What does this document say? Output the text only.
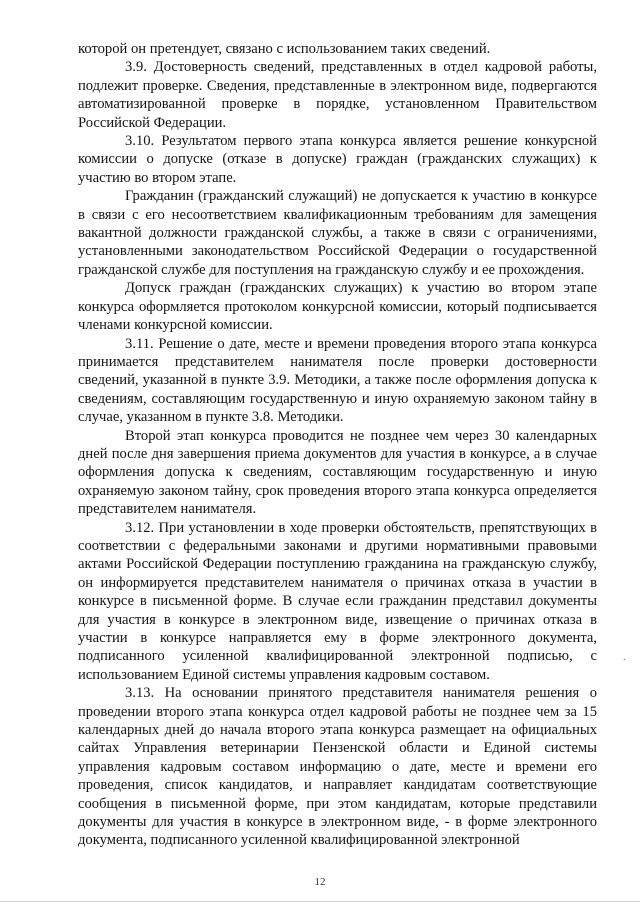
которой он претендует, связано с использованием таких сведений.

3.9. Достоверность сведений, представленных в отдел кадровой работы, подлежит проверке. Сведения, представленные в электронном виде, подвергаются автоматизированной проверке в порядке, установленном Правительством Российской Федерации.

3.10. Результатом первого этапа конкурса является решение конкурсной комиссии о допуске (отказе в допуске) граждан (гражданских служащих) к участию во втором этапе.

Гражданин (гражданский служащий) не допускается к участию в конкурсе в связи с его несоответствием квалификационным требованиям для замещения вакантной должности гражданской службы, а также в связи с ограничениями, установленными законодательством Российской Федерации о государственной гражданской службе для поступления на гражданскую службу и ее прохождения.

Допуск граждан (гражданских служащих) к участию во втором этапе конкурса оформляется протоколом конкурсной комиссии, который подписывается членами конкурсной комиссии.

3.11. Решение о дате, месте и времени проведения второго этапа конкурса принимается представителем нанимателя после проверки достоверности сведений, указанной в пункте 3.9. Методики, а также после оформления допуска к сведениям, составляющим государственную и иную охраняемую законом тайну в случае, указанном в пункте 3.8. Методики.

Второй этап конкурса проводится не позднее чем через 30 календарных дней после дня завершения приема документов для участия в конкурсе, а в случае оформления допуска к сведениям, составляющим государственную и иную охраняемую законом тайну, срок проведения второго этапа конкурса определяется представителем нанимателя.

3.12. При установлении в ходе проверки обстоятельств, препятствующих в соответствии с федеральными законами и другими нормативными правовыми актами Российской Федерации поступлению гражданина на гражданскую службу, он информируется представителем нанимателя о причинах отказа в участии в конкурсе в письменной форме. В случае если гражданин представил документы для участия в конкурсе в электронном виде, извещение о причинах отказа в участии в конкурсе направляется ему в форме электронного документа, подписанного усиленной квалифицированной электронной подписью, с использованием Единой системы управления кадровым составом.

3.13. На основании принятого представителя нанимателя решения о проведении второго этапа конкурса отдел кадровой работы не позднее чем за 15 календарных дней до начала второго этапа конкурса размещает на официальных сайтах Управления ветеринарии Пензенской области и Единой системы управления кадровым составом информацию о дате, месте и времени его проведения, список кандидатов, и направляет кандидатам соответствующие сообщения в письменной форме, при этом кандидатам, которые представили документы для участия в конкурсе в электронном виде, - в форме электронного документа, подписанного усиленной квалифицированной электронной

·
12
